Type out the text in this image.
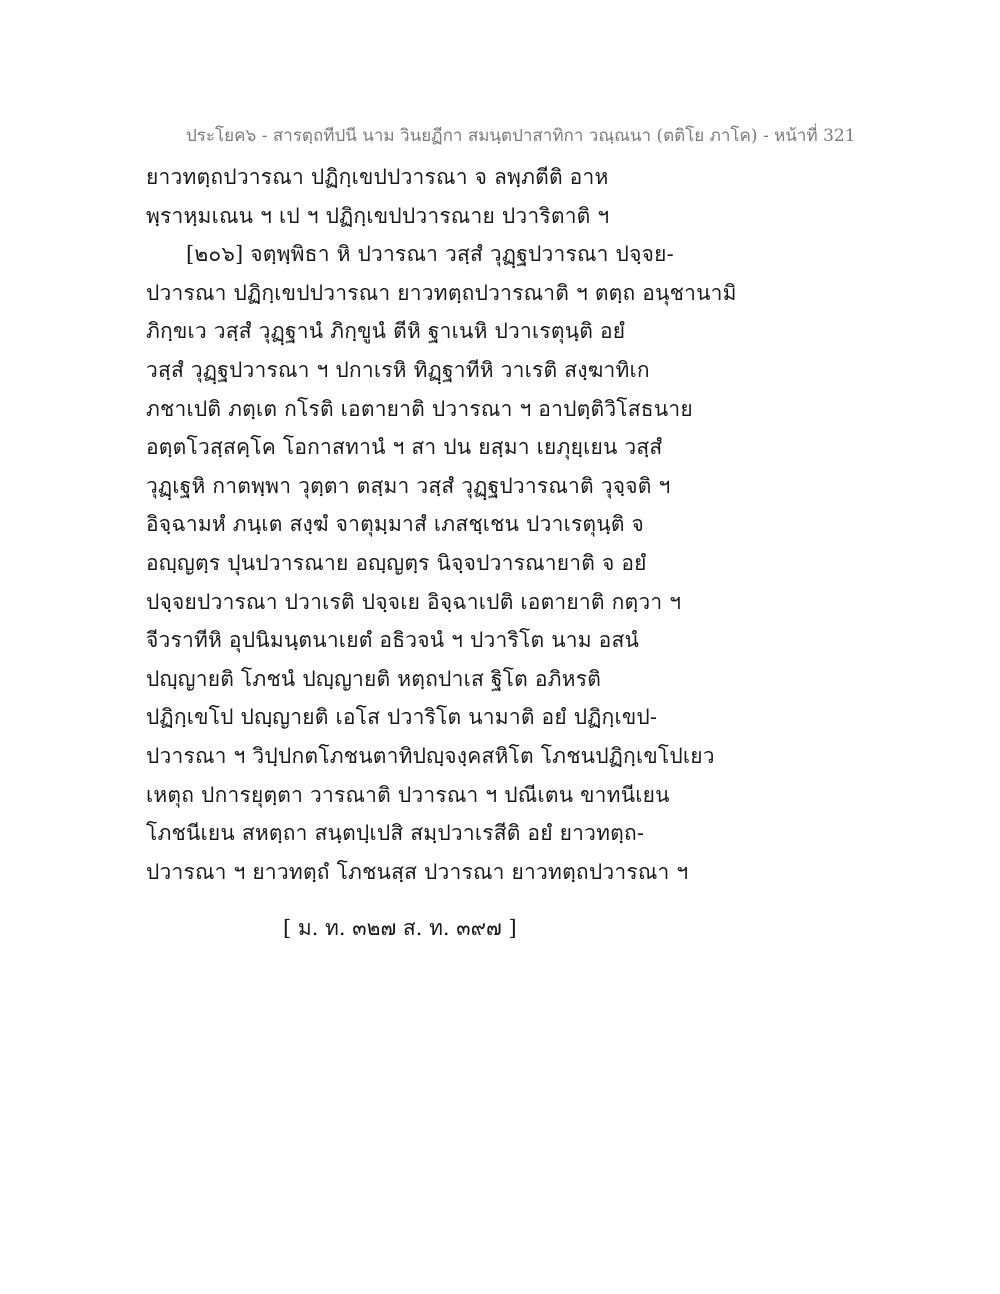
ประโยค๖ - สารตฺถทีปนี นาม วินยฏีกา สมนฺตปาสาทิกา วณฺณนา (ตติโย ภาโค) - หน้าที่ 321
ยาวทตฺถปวารณา ปฏิกฺเขปปวารณา จ ลพฺภตีติ อาห
พฺราหฺมเณน ฯ เป ฯ ปฏิกฺเขปปวารณาย ปวาริตาติ ฯ
[๒๐๖] จตฺพฺพิธา หิ ปวารณา วสฺสํ วุฏฺฐปวารณา ปจฺจย-
ปวารณา ปฏิกฺเขปปวารณา ยาวทตฺถปวารณาติ ฯ ตตฺถ อนุชานามิ
ภิกฺขเว วสฺสํ วุฏฺฐานํ ภิกฺขูนํ ตีหิ ฐาเนหิ ปวาเรตุนฺติ อยํ
วสฺสํ วุฏฺฐปวารณา ฯ ปกาเรหิ ทิฏฺฐาทีหิ วาเรติ สงฺฆาทิเก
ภชาเปติ ภตฺเต กโรติ เอตายาติ ปวารณา ฯ อาปตฺติวิโสธนาย
อตฺตโวสฺสคฺโค โอกาสทานํ ฯ สา ปน ยสฺมา เยภุยฺเยน วสฺสํ
วุฏฺเฐหิ กาตพฺพา วุตฺตา ตสฺมา วสฺสํ วุฏฺฐปวารณาติ วุจฺจติ ฯ
อิจฺฉามหํ ภนฺเต สงฺฆํ จาตุมฺมาสํ เภสชฺเชน ปวาเรตุนฺติ จ
อญฺญตฺร ปุนปวารณาย อญฺญตฺร นิจฺจปวารณายาติ จ อยํ
ปจฺจยปวารณา ปวาเรติ ปจฺจเย อิจฺฉาเปติ เอตายาติ กตฺวา ฯ
จีวราทีหิ อุปนิมนฺตนาเยตํ อธิวจนํ ฯ ปวาริโต นาม อสนํ
ปญฺญายติ โภชนํ ปญฺญายติ หตฺถปาเส ฐิโต อภิหรติ
ปฏิกฺเขโป ปญฺญายติ เอโส ปวาริโต นามาติ อยํ ปฏิกฺเขป-
ปวารณา ฯ วิปฺปกตโภชนตาทิปญฺจงฺคสหิโต โภชนปฏิกฺเขโปเยว
เหตุถ ปการยุตฺตา วารณาติ ปวารณา ฯ ปณีเตน ขาทนีเยน
โภชนีเยน สหตฺถา สนฺตปฺเปสิ สมฺปวาเรสีติ อยํ ยาวทตฺถ-
ปวารณา ฯ ยาวทตฺถํ โภชนสฺส ปวารณา ยาวทตฺถปวารณา ฯ
[ ม. ท. ๓๒๗ ส. ท. ๓๙๗ ]
